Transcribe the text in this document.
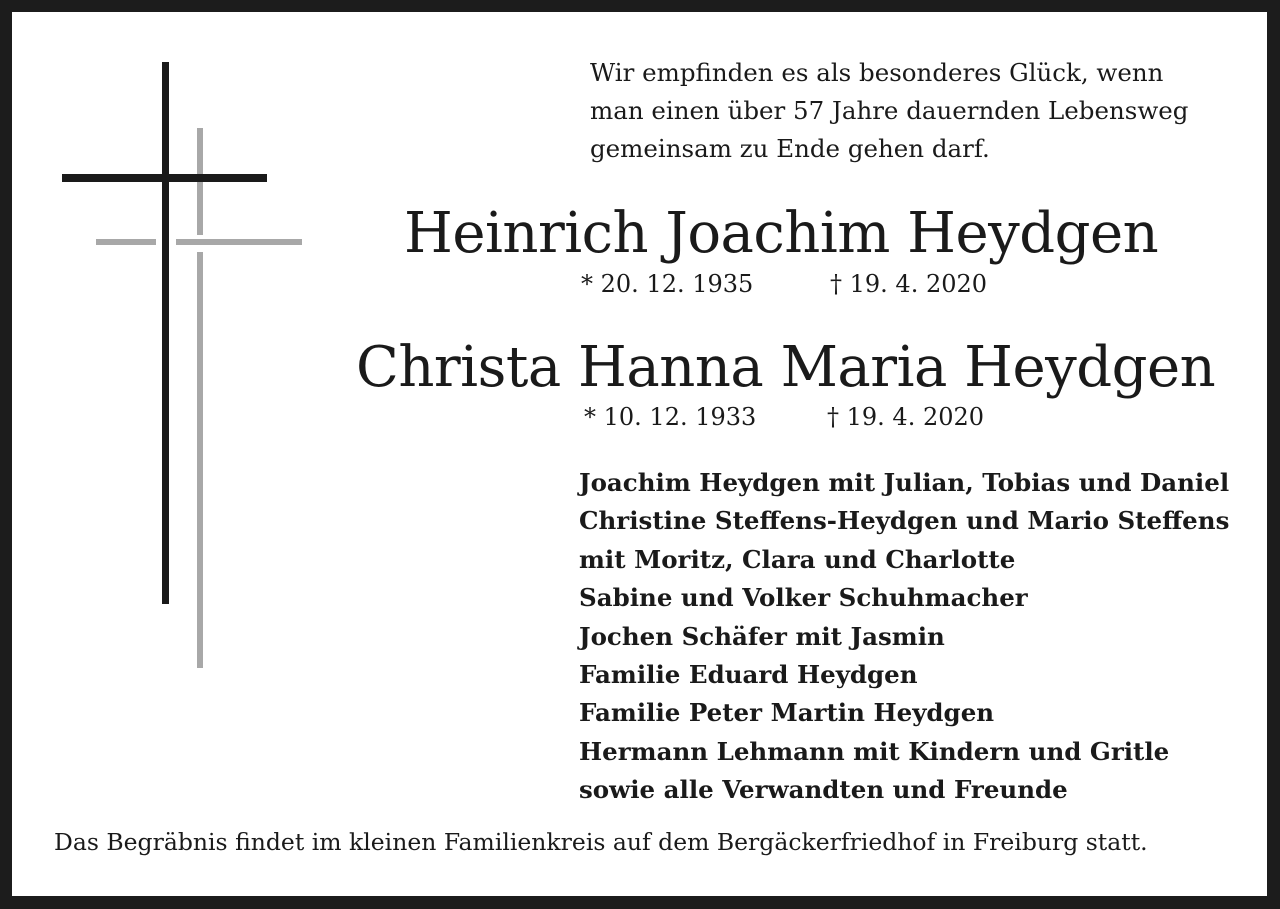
Wir empfinden es als besonderes Glück, wenn
man einen über 57 Jahre dauernden Lebensweg
gemeinsam zu Ende gehen darf.
Heinrich Joachim Heydgen
* 20. 12. 1935	† 19. 4. 2020
Christa Hanna Maria Heydgen
* 10. 12. 1933	† 19. 4. 2020
Joachim Heydgen mit Julian, Tobias und Daniel
Christine Steffens-Heydgen und Mario Steffens
mit Moritz, Clara und Charlotte
Sabine und Volker Schuhmacher
Jochen Schäfer mit Jasmin
Familie Eduard Heydgen
Familie Peter Martin Heydgen
Hermann Lehmann mit Kindern und Gritle
sowie alle Verwandten und Freunde
Das Begräbnis findet im kleinen Familienkreis auf dem Bergäckerfriedhof in Freiburg statt.
